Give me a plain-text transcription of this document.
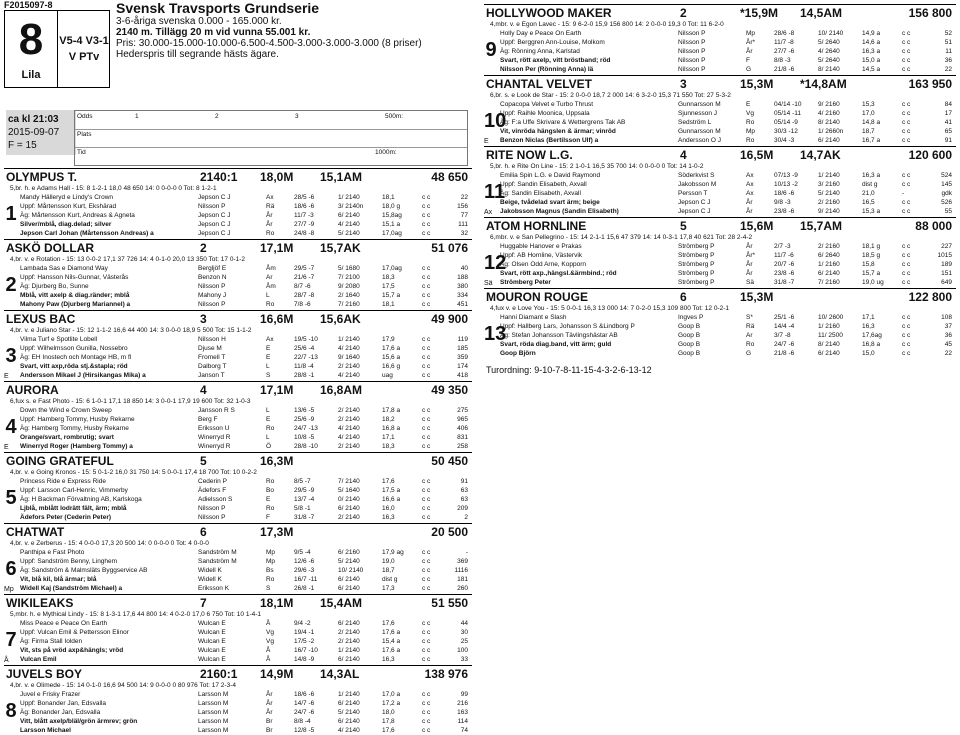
F2015097-8
8
Lila
V5-4 V3-1
V PTv
Svensk Travsports Grundserie
3-6-åriga svenska 0.000 - 165.000 kr.
2140 m. Tillägg 20 m vid vunna 55.001 kr.
Pris: 30.000-15.000-10.000-6.500-4.500-3.000-3.000-3.000 (8 priser)
Hederspris till segrande hästs ägare.
ca kl 21:03
2015-09-07
F = 15
Odds	1	2	3	500m:
Plats
Tid	1000m:
OLYMPUS T.	2140:1 18,0M 15,1AM	48 650
5,br. h. e Adams Hall - 15: 8 1-2-1 18,0 48 650 14: 0 0-0-0 0 Tot: 8 1-2-1
1
Mandy Hälleryd e Lindy's Crown	Jepson C J	Ax	28/5 -6	1/ 2140	18,1	c c	22
Uppf: Mårtensson Kurt, Ekshärad	Nilsson P	Rä	18/6 -6	3/ 2140n	18,0 g	c c	156
Äg: Mårtensson Kurt, Andreas & Agneta	Jepson C J	År	11/7 -3	6/ 2140	15,8ag	c c	77
Silver/mblå, diag.delad; silver	Jepson C J	År	27/7 -9	4/ 2140	15,1 a	c c	111
Jepson Carl Johan (Mårtensson Andreas) a	Jepson C J	Ro	24/8 -8	5/ 2140	17,0ag	c c	32
ASKÖ DOLLAR	2	17,1M 15,7AK	51 076
4,br. v. e Rotation - 15: 13 0-0-2 17,1 37 726 14: 4 0-1-0 20,0 13 350 Tot: 17 0-1-2
2
Lambada Sas e Diamond Way	Bergljöf E	Åm	29/5 -7	5/ 1680	17,0ag	c c	40
Uppf: Hansson Nils-Gunnar, Västerås	Benzon N	Ar	21/6 -7	7/ 2100	18,3	c c	188
Äg: Djurberg Bo, Sunne	Nilsson P	Åm	8/7 -6	9/ 2080	17,5	c c	380
Mblå, vitt axelp & diag.ränder; mblå	Mahony J	L	28/7 -8	2/ 1640	15,7 a	c c	334
Mahony Paw (Djurberg Mariannel) a	Nilsson P	Ro	7/8 -6	7/ 2160	18,1	c c	451
LEXUS BAC	3	16,6M 15,6AK	49 900
4,br. v. e Juliano Star - 15: 12 1-1-2 16,6 44 400 14: 3 0-0-0 18,9 5 500 Tot: 15 1-1-2
3
E
Vilma Turf e Spotlite Lobell	Nilsson H	Ax	19/5 -10	1/ 2140	17,9	c c	119
Uppf: Wilhelmsson Gunilla, Nossebro	Djuse M	E	25/6 -4	4/ 2140	17,6 a	c c	185
Äg: EH Inostech och Montage HB, m fl	Fromell T	E	22/7 -13	9/ 1640	15,6 a	c c	359
Svart, vitt axp,röda stj.&stapla; röd	Dalborg T	L	11/8 -4	2/ 2140	16,6 g	c c	174
Andersson Mikael J (Hirsikangas Mika) a	Janson T	S	28/8 -1	4/ 2140	uag	c c	418
AURORA	4	17,1M 16,8AM	49 350
6,fux s. e Fast Photo - 15: 6 1-0-1 17,1 18 850 14: 3 0-0-1 17,9 19 600 Tot: 32 1-0-3
4
E
Down the Wind e Crown Sweep	Jansson R S	L	13/6 -5	2/ 2140	17,8 a	c c	275
Uppf: Hamberg Tommy, Husby Rekarne	Berg F	E	25/6 -9	2/ 2140	18,2	c c	965
Äg: Hamberg Tommy, Husby Rekarne	Eriksson U	Ro	24/7 -13	4/ 2140	16,8 a	c c	406
Orange/svart, rombrutig; svart	Winerryd R	L	10/8 -5	4/ 2140	17,1	c c	831
Winerryd Roger (Hamberg Tommy) a	Winerryd R	Ö	28/8 -10	2/ 2140	18,3	c c	258
GOING GRATEFUL	5	16,3M	50 450
4,br. v. e Going Kronos - 15: 5 0-1-2 16,0 31 750 14: 5 0-0-1 17,4 18 700 Tot: 10 0-2-2
5
Princess Ride e Express Ride	Cederin P	Ro	8/5 -7	7/ 2140	17,6	c c	91
Uppf: Larsson Carl-Henric, Vimmerby	Ädefors F	Bo	29/5 -9	5/ 1640	17,5 a	c c	63
Äg: H Backman Förvaltning AB, Karlskoga	Adielsson S	E	13/7 -4	0/ 2140	16,6 a	c c	63
Ljblå, mblått lodrätt fält, ärm; mblå	Nilsson P	Ro	5/8 -1	6/ 2140	16,0	c c	209
Ädefors Peter (Cederin Peter)	Nilsson P	F	31/8 -7	2/ 2140	16,3	c c	2
CHATWAT	6	17,3M	20 500
4,br. v. e Zerberus - 15: 4 0-0-0 17,3 20 500 14: 0 0-0-0 0 Tot: 4 0-0-0
6
Mp
Panthipa e Fast Photo	Sandström M	Mp	9/5 -4	6/ 2160	17,9 ag	c c	-
Uppf: Sandström Benny, Linghem	Sandström M	Mp	12/6 -6	5/ 2140	19,0	c c	369
Äg: Sandström & Malmsläts Byggservice AB	Widell K	Bs	29/6 -3	10/ 2140	18,7	c c	1116
Vit, blå kil, blå ärmar; blå	Widell K	Ro	16/7 -11	6/ 2140	dist g	c c	181
Widell Kaj (Sandström Michael) a	Eriksson K	S	26/8 -1	6/ 2140	17,3	c c	260
WIKILEAKS	7	18,1M 15,4AM	51 550
5,mbr. h. e Mythical Lindy - 15: 8 1-3-1 17,6 44 800 14: 4 0-2-0 17,0 6 750 Tot: 10 1-4-1
7
Å
Miss Peace e Peace On Earth	Wulcan E	Å	9/4 -2	6/ 2140	17,6	c c	44
Uppf: Vulcan Emil & Pettersson Elinor	Wulcan E	Vg	19/4 -1	2/ 2140	17,6 a	c c	30
Äg: Firma Stall Iolden	Wulcan E	Vg	17/5 -2	2/ 2140	15,4 a	c c	25
Vit, sts på vröd axp&hängls; vröd	Wulcan E	Å	16/7 -10	1/ 2140	17,6 a	c c	100
Vulcan Emil	Wulcan E	Å	14/8 -9	6/ 2140	16,3	c c	33
JUVELS BOY	2160:1 14,9M 14,3AL	138 976
4,br. v. e Olimede - 15: 14 0-1-0 16,6 94 500 14: 9 0-0-0 0 80 976 Tot: 17 2-3-4
8
Juvel e Frisky Frazer	Larsson M	År	18/6 -6	1/ 2140	17,0 a	c c	99
Uppf: Bonander Jan, Edsvalla	Larsson M	År	14/7 -6	6/ 2140	17,2 a	c c	216
Äg: Bonander Jan, Edsvalla	Larsson M	År	24/7 -6	5/ 2140	18,0	c c	163
Vitt, blått axelp/bläl/grön ärmrev; grön	Larsson M	Br	8/8 -4	6/ 2140	17,8	c c	114
Larsson Michael	Larsson M	Br	12/8 -5	4/ 2140	17,6	c c	74
HOLLYWOOD MAKER	2	*15,9M 14,5AM	156 800
4,mbr. v. e Egon Lavec - 15: 9 6-2-0 15,9 156 800 14: 2 0-0-0 19,3 0 Tot: 11 6-2-0
9
Holly Day e Peace On Earth	Nilsson P	Mp	28/6 -8	10/ 2140	14,9 a	c c	52
Uppf: Berggren Ann-Louise, Molkom	Nilsson P	År*	11/7 -8	5/ 2640	14,6 a	c c	51
Äg: Rönning Anna, Karlstad	Nilsson P	År	27/7 -6	4/ 2640	16,3 a	c c	11
Svart, rött axelp, vitt bröstband; röd	Nilsson P	F	8/8 -3	5/ 2640	15,0 a	c c	36
Nilsson Per (Rönning Anna) lä	Nilsson P	G	21/8 -6	8/ 2140	14,5 a	c c	22
CHANTAL VELVET	3	15,3M *14,8AM	163 950
6,br. s. e Look de Star - 15: 2 0-0-0 18,7 2 000 14: 6 3-2-0 15,3 71 550 Tot: 27 5-3-2
10
E
Copacopa Velvet e Turbo Thrust	Gunnarsson M	E	04/14 -10	9/ 2160	15,3	c c	84
Uppf: Raihle Moonica, Uppsala	Sjunnesson J	Vg	05/14 -11	4/ 2160	17,0	c c	17
Äg: F:a Uffe Skrivare & Wettergrens Tak AB	Sedström L	Ro	05/14 -9	8/ 2140	14,8 a	c c	41
Vit, vinröda hängslen & ärmar; vinröd	Gunnarsson M	Mp	30/3 -12	1/ 2660n	18,7	c c	65
Benzon Niclas (Bertilsson Ulf) a	Andersson O J	Ro	30/4 -3	6/ 2140	16,7 a	c c	91
RITE NOW L.G.	4	16,5M 14,7AK	120 600
5,br. h. e Rite On Line - 15: 2 1-0-1 16,5 35 700 14: 0 0-0-0 0 Tot: 14 1-0-2
11
Ax
Emilia Spin L.G. e David Raymond	Söderkvist S	Ax	07/13 -9	1/ 2140	16,3 a	c c	524
Uppf: Sandin Elisabeth, Axvall	Jakobsson M	Ax	10/13 -2	3/ 2160	dist g	c c	145
Äg: Sandin Elisabeth, Axvall	Persson T	Ax	18/6 -6	5/ 2140	21,0	-	gdk
Beige, tvådelad svart ärm; beige	Jepson C J	År	9/8 -3	2/ 2160	16,5	c c	526
Jakobsson Magnus (Sandin Elisabeth)	Jepson C J	År	23/8 -6	9/ 2140	15,3 a	c c	55
ATOM HORNLINE	5	15,6M 15,7AM	88 000
6,mbr. v. e San Pellegrino - 15: 14 2-1-1 15,6 47 379 14: 14 0-3-1 17,8 40 621 Tot: 28 2-4-2
12
Sä
Huggable Hanover e Prakas	Strömberg P	År	2/7 -3	2/ 2160	18,1 g	c c	227
Uppf: AB Hornline, Västervik	Strömberg P	År*	11/7 -6	6/ 2640	18,5 g	c c	1015
Äg: Olsen Odd Arne, Kopporn	Strömberg P	År	20/7 -6	1/ 2160	15,8	c c	189
Svart, rött axp.,hängsl.&ärmbind.; röd	Strömberg P	År	23/8 -6	6/ 2140	15,7 a	c c	151
Strömberg Peter	Strömberg P	Sä	31/8 -7	7/ 2160	19,0 ug	c c	649
MOURON ROUGE	6	15,3M	122 800
4,fux v. e Love You - 15: 5 0-0-1 16,3 13 000 14: 7 0-2-0 15,3 109 800 Tot: 12 0-2-1
13
Hanni Diamant e Slash	Ingves P	S*	25/1 -6	10/ 2600	17,1	c c	108
Uppf: Hallberg Lars, Johansson S &Lindborg P	Goop B	Rä	14/4 -4	1/ 2160	16,3	c c	37
Äg: Stefan Johansson Tävlingshästar AB	Goop B	Ar	3/7 -8	11/ 2500	17,6ag	c c	36
Svart, röda diag.band, vitt ärm; guld	Goop B	Ro	24/7 -6	8/ 2140	16,8 a	c c	45
Goop Björn	Goop B	G	21/8 -6	6/ 2140	15,0	c c	22
Turordning: 9-10-7-8-11-15-4-3-2-6-13-12
